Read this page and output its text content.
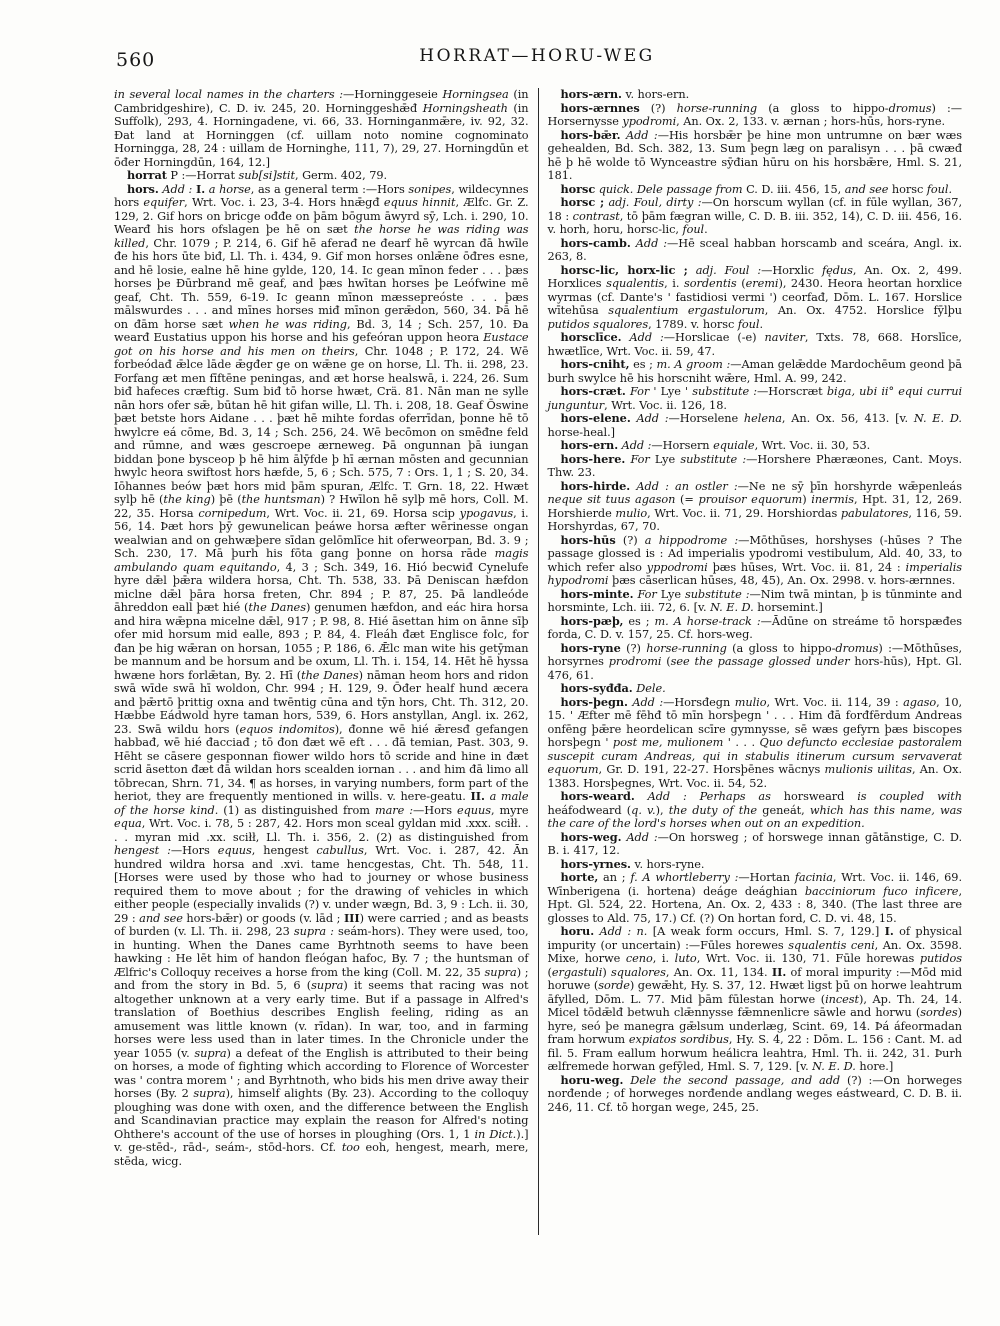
560	HORRAT—HORU-WEG

in several local names in the charters :—Horninggeseie Horningsea (in Cambridgeshire), C. D. iv. 245, 20. Horninggeshǣđ Horningsheath (in Suffolk), 293, 4. Horningadene, vi. 66, 33. Horninganmǣre, iv. 92, 32. Đat land at Horninggen (cf. uillam noto nomine cognominato Horningga, 28, 24 : uillam de Horninghe, 111, 7), 29, 27. Horningdūn et ōđer Horningdūn, 164, 12.]

horrat P :—Horrat sub[si]stit, Germ. 402, 79.

hors. Add : I. a horse, as a general term :—Hors sonipes, wildecynnes hors equifer, Wrt. Voc. i. 23, 3-4. Hors hnǣgđ equus hinnit, Ælfc. Gr. Z. 129, 2. Gif hors on bricge ođđe on þām bōgum āwyrd sȳ, Lch. i. 290, 10. Wearđ his hors ofslagen þe hē on sæt the horse he was riding was killed, Chr. 1079 ; P. 214, 6. Gif hē aferađ ne đearf hē wyrcan đā hwīle đe his hors ūte biđ, Ll. Th. i. 434, 9. Gif mon horses onlǣne ōđres esne, and hē losie, ealne hē hine gylde, 120, 14. Ic gean mīnon feder . . . þæs horses þe Đūrbrand mē geaf, and þæs hwītan horses þe Leófwine mē geaf, Cht. Th. 559, 6-19. Ic geann mīnon mæssepreóste . . . þæs mālswurdes . . . and mīnes horses miđ mīnon gerǣdon, 560, 34. Þā hē on đām horse sæt when he was riding, Bd. 3, 14 ; Sch. 257, 10. Đa wearđ Eustatius uppon his horse and his gefeóran uppon heora Eustace got on his horse and his men on theirs, Chr. 1048 ; P. 172, 24. Wē forbeódađ ǣlce lāde ǣgđer ge on wǣne ge on horse, Ll. Th. ii. 298, 23. Forfang æt men fīftēne peningas, and æt horse healswā, i. 224, 26. Sum biđ hafeces cræftig. Sum biđ tō horse hwæt, Crä. 81. Nān man ne sylle nān hors ofer sǣ, būtan hē hit gifan wille, Ll. Th. i. 208, 18. Geaf Ōswine þæt betste hors Aidane . . . þæt hē mihte fordas oferrīdan, þonne hē tō hwylcre eá cōme, Bd. 3, 14 ; Sch. 256, 24. Wē becōmon on smēđne feld and rūmne, and wæs gescroepe ærneweg. Þā ongunnan þā iungan biddan þone bysceop þ hē him ālȳfde þ hī ærnan mōsten and gecunnian hwylc heora swiftost hors hæfde, 5, 6 ; Sch. 575, 7 : Ors. 1, 1 ; S. 20, 34. Iōhannes beów þæt hors mid þām spuran, Ælfc. T. Grn. 18, 22. Hwæt sylþ hē (the king) þē (the huntsman) ? Hwīlon hē sylþ mē hors, Coll. M. 22, 35. Horsa cornipedum, Wrt. Voc. ii. 21, 69. Horsa scip ypogavus, i. 56, 14. Þæt hors þȳ gewunelican þeáwe horsa æfter wērinesse ongan wealwian and on gehwæþere sīdan gelōmlīce hit oferweorpan, Bd. 3. 9 ; Sch. 230, 17. Mā þurh his fōta gang þonne on horsa rāde magis ambulando quam equitando, 4, 3 ; Sch. 349, 16. Hió becwiđ Cynelufe hyre dǣl þǣra wildera horsa, Cht. Th. 538, 33. Þā Deniscan hæfdon miclne dǣl þāra horsa freten, Chr. 894 ; P. 87, 25. Þā landleóde āhreddon eall þæt hié (the Danes) genumen hæfdon, and eác hira horsa and hira wǣpna micelne dǣl, 917 ; P. 98, 8. Hié āsettan him on ānne sīþ ofer mid horsum mid ealle, 893 ; P. 84, 4. Fleáh đæt Englisce folc, for đan þe hig wǣran on horsan, 1055 ; P. 186, 6. Ǣlc man wite his getȳman be mannum and be horsum and be oxum, Ll. Th. i. 154, 14. Hēt hē hyssa hwæne hors forlǣtan, By. 2. Hī (the Danes) nāman heom hors and ridon swā wīde swā hī woldon, Chr. 994 ; H. 129, 9. Ōđer healf hund æcera and þǣrtō þrittig oxna and twēntig cūna and tȳn hors, Cht. Th. 312, 20. Hæbbe Eádwold hyre taman hors, 539, 6. Hors anstyllan, Angl. ix. 262, 23. Swā wildu hors (equos indomitos), đonne wē hié ǣresđ gefangen habbađ, wē hié đacciađ ; tō đon đæt wē eft . . . đā temian, Past. 303, 9. Hēht se cāsere gesponnan fiower wildo hors tō scride and hine in đæt scrid āsetton đæt đā wildan hors scealden iornan . . . and him đā limo all tōbrecan, Shrn. 71, 34. ¶ as horses, in varying numbers, form part of the heriot, they are frequently mentioned in wills. v. here-geatu. II. a male of the horse kind. (1) as distinguished from mare :—Hors equus, myre equa, Wrt. Voc. i. 78, 5 : 287, 42. Hors mon sceal gyldan mid .xxx. sciłł. . . . myran mid .xx. sciłł, Ll. Th. i. 356, 2. (2) as distinguished from hengest :—Hors equus, hengest cabullus, Wrt. Voc. i. 287, 42. Ān hundred wildra horsa and .xvi. tame hencgestas, Cht. Th. 548, 11. [Horses were used by those who had to journey or whose business required them to move about ; for the drawing of vehicles in which either people (especially invalids (?) v. under wægn, Bd. 3, 9 : Lch. ii. 30, 29 : and see hors-bǣr) or goods (v. lād ; III) were carried ; and as beasts of burden (v. Ll. Th. ii. 298, 23 supra : seám-hors). They were used, too, in hunting. When the Danes came Byrhtnoth seems to have been hawking : He lēt him of handon fleógan hafoc, By. 7 ; the huntsman of Ælfric's Colloquy receives a horse from the king (Coll. M. 22, 35 supra) ; and from the story in Bd. 5, 6 (supra) it seems that racing was not altogether unknown at a very early time. But if a passage in Alfred's translation of Boethius describes English feeling, riding as an amusement was little known (v. rīdan). In war, too, and in farming horses were less used than in later times. In the Chronicle under the year 1055 (v. supra) a defeat of the English is attributed to their being on horses, a mode of fighting which according to Florence of Worcester was ' contra morem ' ; and Byrhtnoth, who bids his men drive away their horses (By. 2 supra), himself alights (By. 23). According to the colloquy ploughing was done with oxen, and the difference between the English and Scandinavian practice may explain the reason for Alfred's noting Ohthere's account of the use of horses in ploughing (Ors. 1, 1 in Dict.).] v. ge-stēd-, rād-, seám-, stōd-hors. Cf. too eoh, hengest, mearh, mere, stēda, wicg.

hors-ærn. v. hors-ern.

hors-ærnnes (?) horse-running (a gloss to hippo-dromus) :—Horsernysse ypodromi, An. Ox. 2, 133. v. ærnan ; hors-hūs, hors-ryne.

hors-bǣr. Add :—His horsbǣr þe hine mon untrumne on bær wæs gehealden, Bd. Sch. 382, 13. Sum þegn læg on paralisyn . . . þā cwæđ hē þ hē wolde tō Wynceastre sȳđian hūru on his horsbǣre, Hml. S. 21, 181.

horsc quick. Dele passage from C. D. iii. 456, 15, and see horsc foul.

horsc ; adj. Foul, dirty :—On horscum wyllan (cf. in fūle wyllan, 367, 18 : contrast, tō þām fægran wille, C. D. B. iii. 352, 14), C. D. iii. 456, 16. v. horh, horu, horsc-lic, foul.

hors-camb. Add :—Hē sceal habban horscamb and sceára, Angl. ix. 263, 8.

horsc-lic, horx-lic ; adj. Foul :—Horxlic fędus, An. Ox. 2, 499. Horxlices squalentis, i. sordentis (eremi), 2430. Heora heortan horxlice wyrmas (cf. Dante's ' fastidiosi vermi ') ceorfađ, Dōm. L. 167. Horslice wītehūsa squalentium ergastulorum, An. Ox. 4752. Horslice fȳlþu putidos squalores, 1789. v. horsc foul.

horsclīce. Add :—Horslicae (-e) naviter, Txts. 78, 668. Horslīce, hwætlīce, Wrt. Voc. ii. 59, 47.

hors-cniht, es ; m. A groom :—Aman gelǣdde Mardochēum geond þā burh swylce hē his horscniht wǣre, Hml. A. 99, 242.

hors-cræt. For ' Lye ' substitute :—Horscræt biga, ubi ii° equi currui junguntur, Wrt. Voc. ii. 126, 18.

hors-elene. Add :—Horselene helena, An. Ox. 56, 413. [v. N. E. D. horse-heal.]

hors-ern. Add :—Horsern equiale, Wrt. Voc. ii. 30, 53.

hors-here. For Lye substitute :—Horshere Phæræones, Cant. Moys. Thw. 23.

hors-hirde. Add : an ostler :—Ne ne sȳ þīn horshyrde wǣpenleás neque sit tuus agason (= prouisor equorum) inermis, Hpt. 31, 12, 269. Horshierde mulio, Wrt. Voc. ii. 71, 29. Horshiordas pabulatores, 116, 59. Horshyrdas, 67, 70.

hors-hūs (?) a hippodrome :—Mōthūses, horshyses (-hūses ? The passage glossed is : Ad imperialis ypodromi vestibulum, Ald. 40, 33, to which refer also yppodromi þæs hūses, Wrt. Voc. ii. 81, 24 : imperialis hypodromi þæs cāserlican hūses, 48, 45), An. Ox. 2998. v. hors-ærnnes.

hors-minte. For Lye substitute :—Nim twā mintan, þ is tūnminte and horsminte, Lch. iii. 72, 6. [v. N. E. D. horsemint.]

hors-pæþ, es ; m. A horse-track :—Ādūne on streáme tō horspæđes forda, C. D. v. 157, 25. Cf. hors-weg.

hors-ryne (?) horse-running (a gloss to hippo-dromus) :—Mōthūses, horsyrnes prodromi (see the passage glossed under hors-hūs), Hpt. Gl. 476, 61.

hors-syđđa. Dele.

hors-þegn. Add :—Horsđegn mulio, Wrt. Voc. ii. 114, 39 : agaso, 10, 15. ' Æfter mē fēhđ tō mīn horsþegn ' . . . Him đā forđfērdum Andreas onfēng þǣre heordelican scīre gymnysse, sē wæs gefyrn þæs biscopes horsþegn ' post me, mulionem ' . . . Quo defuncto ecclesiae pastoralem suscepit curam Andreas, qui in stabulis itinerum cursum servaverat equorum, Gr. D. 191, 22-27. Horsþēnes wācnys mulionis uilitas, An. Ox. 1383. Horsþegnes, Wrt. Voc. ii. 54, 52.

hors-weard. Add : Perhaps as horsweard is coupled with heáfodweard (q. v.), the duty of the geneát, which has this name, was the care of the lord's horses when out on an expedition.

hors-weg. Add :—On horsweg ; of horswege innan gātānstige, C. D. B. i. 417, 12.

hors-yrnes. v. hors-ryne.

horte, an ; f. A whortleberry :—Hortan facinia, Wrt. Voc. ii. 146, 69. Wīnberigena (i. hortena) deáge deághian bacciniorum fuco inficere, Hpt. Gl. 524, 22. Hortena, An. Ox. 2, 433 : 8, 340. (The last three are glosses to Ald. 75, 17.) Cf. (?) On hortan ford, C. D. vi. 48, 15.

horu. Add : n. [A weak form occurs, Hml. S. 7, 129.] I. of physical impurity (or uncertain) :—Fūles horewes squalentis ceni, An. Ox. 3598. Mixe, horwe ceno, i. luto, Wrt. Voc. ii. 130, 71. Fūle horewas putidos (ergastuli) squalores, An. Ox. 11, 134. II. of moral impurity :—Mōd mid horuwe (sorde) gewǣht, Hy. S. 37, 12. Hwæt ligst þū on horwe leahtrum āfylled, Dōm. L. 77. Mid þām fūlestan horwe (incest), Ap. Th. 24, 14. Micel tōdǣlđ betwuh clǣnnysse fǣmnenlicre sāwle and horwu (sordes) hyre, seó þe manegra gǣlsum underlæg, Scint. 69, 14. Þá áfeormadan fram horwum expiatos sordibus, Hy. S. 4, 22 : Dōm. L. 156 : Cant. M. ad fil. 5. Fram eallum horwum heálicra leahtra, Hml. Th. ii. 242, 31. Þurh ælfremede horwan gefȳled, Hml. S. 7, 129. [v. N. E. D. hore.]

horu-weg. Dele the second passage, and add (?) :—On horweges norđende ; of horweges norđende andlang weges eástweard, C. D. B. ii. 246, 11. Cf. tō horgan wege, 245, 25.
